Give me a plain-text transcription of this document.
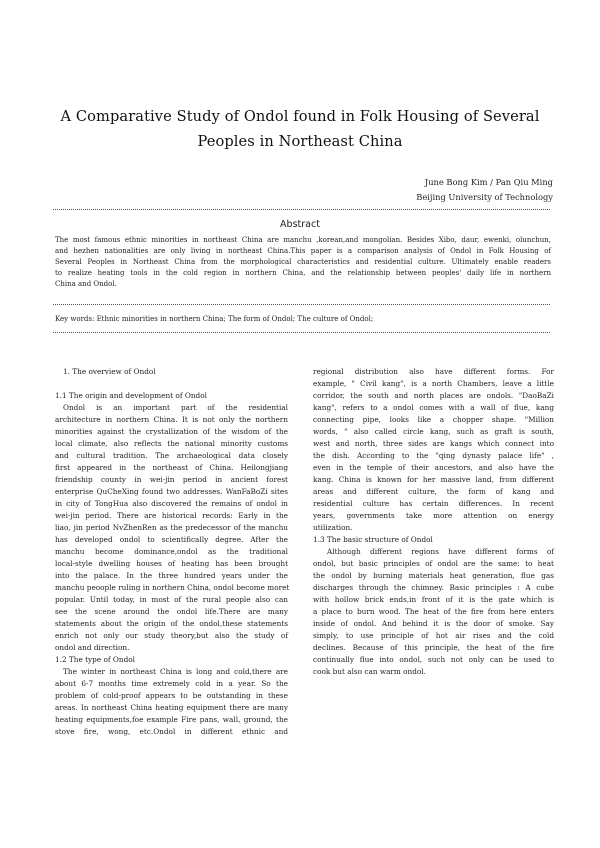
A Comparative Study of Ondol found in Folk Housing of Several
Peoples in Northeast China
June Bong Kim / Pan Qiu Ming
Beijing University of Technology
Abstract
The most famous ethnic minorities in northeast China are manchu ,korean,and mongolian. Besides Xibo, daur, ewenki, olunchun,
and hezhen nationalities are only living in northeast China.This paper is a comparison analysis of Ondol in Folk Housing of
Several Peoples in Northeast China from the morphological characteristics and residential culture. Ultimately enable readers
to realize heating tools in the cold region in northern China, and the relationship between peoples' daily life in northern
China and Ondol.
Key words: Ethnic minorities in northern China; The form of Ondol; The culture of Ondol;
1. The overview of Ondol
1.1 The origin and development of Ondol
Ondol is an important part of the residential
architecture in northern China. It is not only the northern
minorities against the crystallization of the wisdom of the
local climate, also reflects the national minority customs
and cultural tradition. The archaeological data closely
first appeared in the northeast of China. Heilongjiang
friendship county in wei-jin period in ancient forest
enterprise QuCheXing found two addresses. WanFaBoZi sites
in city of TongHua also discovered the remains of ondol in
wei-jin period. There are historical records: Early in the
liao, jin period NvZhenRen as the predecessor of the manchu
has developed ondol to scientifically degree. After the
manchu become dominance,ondol as the traditional
local-style dwelling houses of heating has been brought
into the palace. In the three hundred years under the
manchu peoople ruling in northern China, ondol become moret
popular. Until today, in most of the rural people also can
see the scene around the ondol life.There are many
statements about the origin of the ondol,these statements
enrich not only our study theory,but also the study of
ondol and direction.
1.2 The type of Ondol
The winter in northeast China is long and cold,there are
about 6-7 months time extremely cold in a year. So the
problem of cold-proof appears to be outstanding in these
areas. In northeast China heating equipment there are many
heating equipments,foe example Fire pans, wall, ground, the
stove fire, wong, etc.Ondol in different ethnic and
regional distribution also have different forms. For
example, " Civil kang", is a north Chambers, leave a little
corridor, the south and north places are ondols. "DaoBaZi
kang", refers to a ondol comes with a wall of flue, kang
connecting pipe, looks like a chopper shape. "Million
words, " also called circle kang, such as graft is south,
west and north, three sides are kangs which connect into
the dish. According to the "qing dynasty palace life" ,
even in the temple of their ancestors, and also have the
kang. China is known for her massive land, from different
areas and different culture, the form of kang and
residential culture has certain differences. In recent
years, governments take more attention on energy
utilization.
1.3 The basic structure of Ondol
Although different regions have different forms of
ondol, but basic principles of ondol are the same: to heat
the ondol by burning materials heat generation, flue gas
discharges through the chimney. Basic principles : A cube
with hollow brick ends,in front of it is the gate which is
a place to burn wood. The heat of the fire from here enters
inside of ondol. And behind it is the door of smoke. Say
simply, to use principle of hot air rises and the cold
declines. Because of this principle, the heat of the fire
continually flue into ondol, such not only can be used to
cook but also can warm ondol.
